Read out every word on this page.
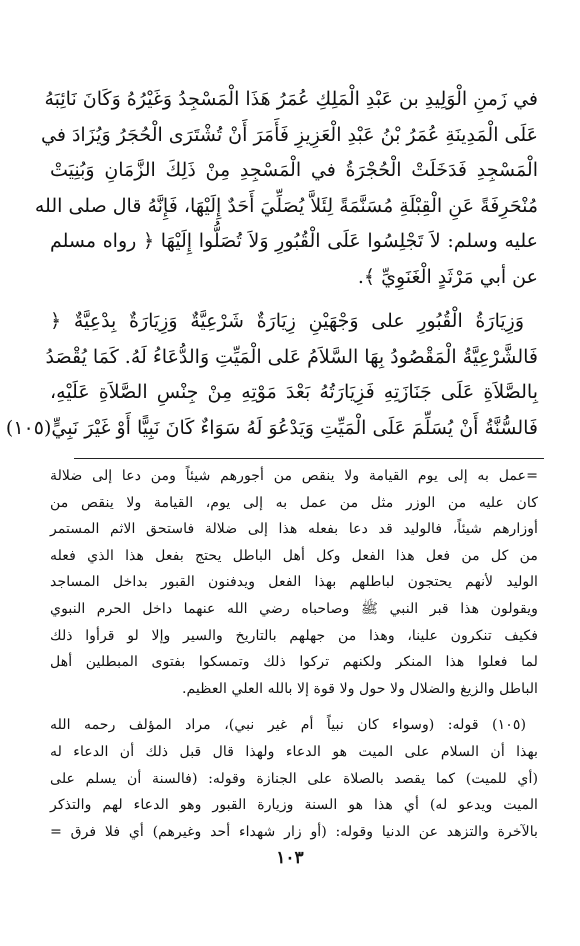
في زَمنِ الْوَلِيدِ بن عَبْدِ الْمَلِكِ عُمَرُ هَذَا الْمَسْجِدُ وَغَيْرُهُ وَكَانَ نَائِبَهُ
عَلَى الْمَدِينَةِ عُمَرُ بْنُ عَبْدِ الْعَزِيزِ فَأَمَرَ أَنْ تُشْتَرَى الْحُجَرُ وَيُزَادَ في
الْمَسْجِدِ فَدَخَلَتْ الْحُجْرَةُ في الْمَسْجِدِ مِنْ ذَلِكَ الزَّمَانِ وَبُنِيَتْ
مُنْحَرِفَةً عَنِ الْقِبْلَةِ مُسَنَّمَةً لِئَلاَّ يُصَلِّيَ أَحَدٌ إِلَيْهَا، فَإِنَّهُ قال صلى الله
عليه وسلم: لاَ تَجْلِسُوا عَلَى الْقُبُورِ وَلاَ تُصَلُّوا إِلَيْهَا ﴿ رواه مسلم
عن أبي مَرْثَدٍ الْغَنَوِيِّ ﴾.
وَزِيَارَةُ الْقُبُورِ على وَجْهَيْنِ زِيَارَةٌ شَرْعِيَّةٌ وَزِيَارَةٌ بِدْعِيَّةٌ ﴿
فَالشَّرْعِيَّةُ الْمَقْصُودُ بِهَا السَّلاَمُ عَلى الْمَيِّتِ وَالدُّعَاءُ لَهُ. كَمَا يُقْصَدُ
بِالصَّلاَةِ عَلَى جَنَازَتِهِ فَزِيَارَتُهُ بَعْدَ مَوْتِهِ مِنْ جِنْسِ الصَّلاَةِ عَلَيْهِ،
فَالسُّنَّةُ أَنْ يُسَلِّمَ عَلَى الْمَيِّتِ وَيَدْعُوَ لَهُ سَوَاءٌ كَانَ نَبِيًّا أَوْ غَيْرَ نَبِيٍّ(١٠٥)
=عمل به إلى يوم القيامة ولا ينقص من أجورهم شيئاً ومن دعا إلى ضلالة
كان عليه من الوزر مثل من عمل به إلى يوم، القيامة ولا ينقص من
أوزارهم شيئاً، فالوليد قد دعا بفعله هذا إلى ضلالة فاستحق الاثم المستمر
من كل من فعل هذا الفعل وكل أهل الباطل يحتج بفعل هذا الذي فعله
الوليد لأنهم يحتجون لباطلهم بهذا الفعل ويدفنون القبور بداخل المساجد
ويقولون هذا قبر النبي ﷺ وصاحباه رضي الله عنهما داخل الحرم النبوي
فكيف تنكرون علينا، وهذا من جهلهم بالتاريخ والسير وإلا لو قرأوا ذلك
لما فعلوا هذا المنكر ولكنهم تركوا ذلك وتمسكوا بفتوى المبطلين أهل
الباطل والزيغ والضلال ولا حول ولا قوة إلا بالله العلي العظيم.
(١٠٥) قوله: (وسواء كان نبياً أم غير نبي)، مراد المؤلف رحمه الله
بهذا أن السلام على الميت هو الدعاء ولهذا قال قبل ذلك أن الدعاء له
(أي للميت) كما يقصد بالصلاة على الجنازة وقوله: (فالسنة أن يسلم على
الميت ويدعو له) أي هذا هو السنة وزيارة القبور وهو الدعاء لهم والتذكر
بالآخرة والتزهد عن الدنيا وقوله: (أو زار شهداء أحد وغيرهم) أي فلا فرق =
١٠٣
